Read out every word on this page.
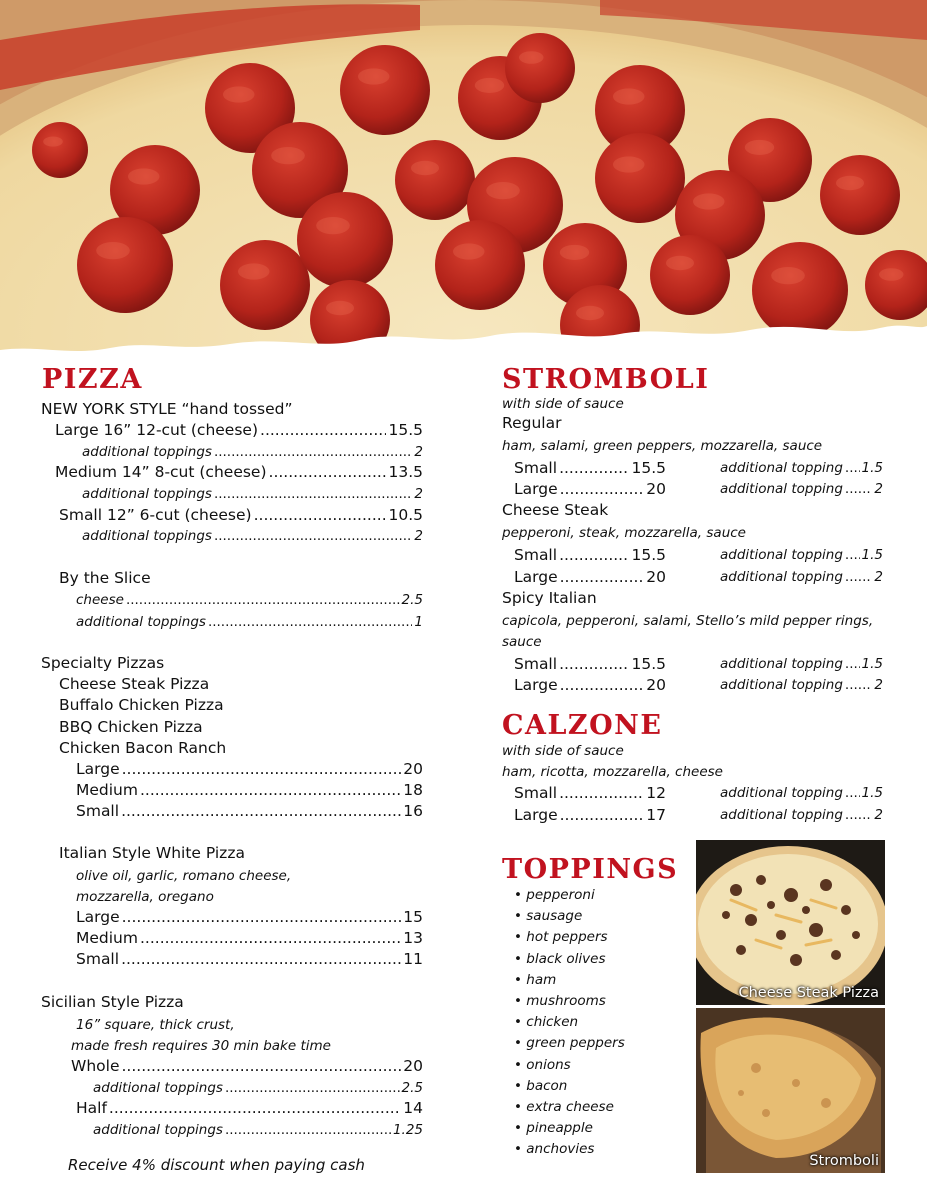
PIZZA
NEW YORK STYLE “hand tossed”
Large 16” 12-cut (cheese) .....	15.5
additional toppings .....	2
Medium 14” 8-cut (cheese) .....	13.5
additional toppings .....	2
Small 12” 6-cut (cheese) .....	10.5
additional toppings .....	2
By the Slice
cheese .....	2.5
additional toppings .....	1
Specialty Pizzas
Cheese Steak Pizza
Buffalo Chicken Pizza
BBQ Chicken Pizza
Chicken Bacon Ranch
Large .....	20
Medium .....	18
Small .....	16
Italian Style White Pizza
olive oil, garlic, romano cheese,
mozzarella, oregano
Large .....	15
Medium .....	13
Small .....	11
Sicilian Style Pizza
16” square, thick crust,
made fresh requires 30 min bake time
Whole .....	20
additional toppings .....	2.5
Half .....	14
additional toppings .....	1.25
Receive 4% discount when paying cash
STROMBOLI
with side of sauce
Regular
ham, salami, green peppers, mozzarella, sauce
Small .....	15.5	additional topping ..... 1.5
Large .....	20	additional topping ..... 2
Cheese Steak
pepperoni, steak, mozzarella, sauce
Small .....	15.5	additional topping ..... 1.5
Large .....	20	additional topping ..... 2
Spicy Italian
capicola, pepperoni, salami, Stello’s mild pepper rings,
sauce
Small .....	15.5	additional topping ..... 1.5
Large .....	20	additional topping ..... 2
CALZONE
with side of sauce
ham, ricotta, mozzarella, cheese
Small .....	12	additional topping ..... 1.5
Large .....	17	additional topping ..... 2
TOPPINGS
• pepperoni
• sausage
• hot peppers
• black olives
• ham
• mushrooms
• chicken
• green peppers
• onions
• bacon
• extra cheese
• pineapple
• anchovies
Cheese Steak Pizza
Stromboli
